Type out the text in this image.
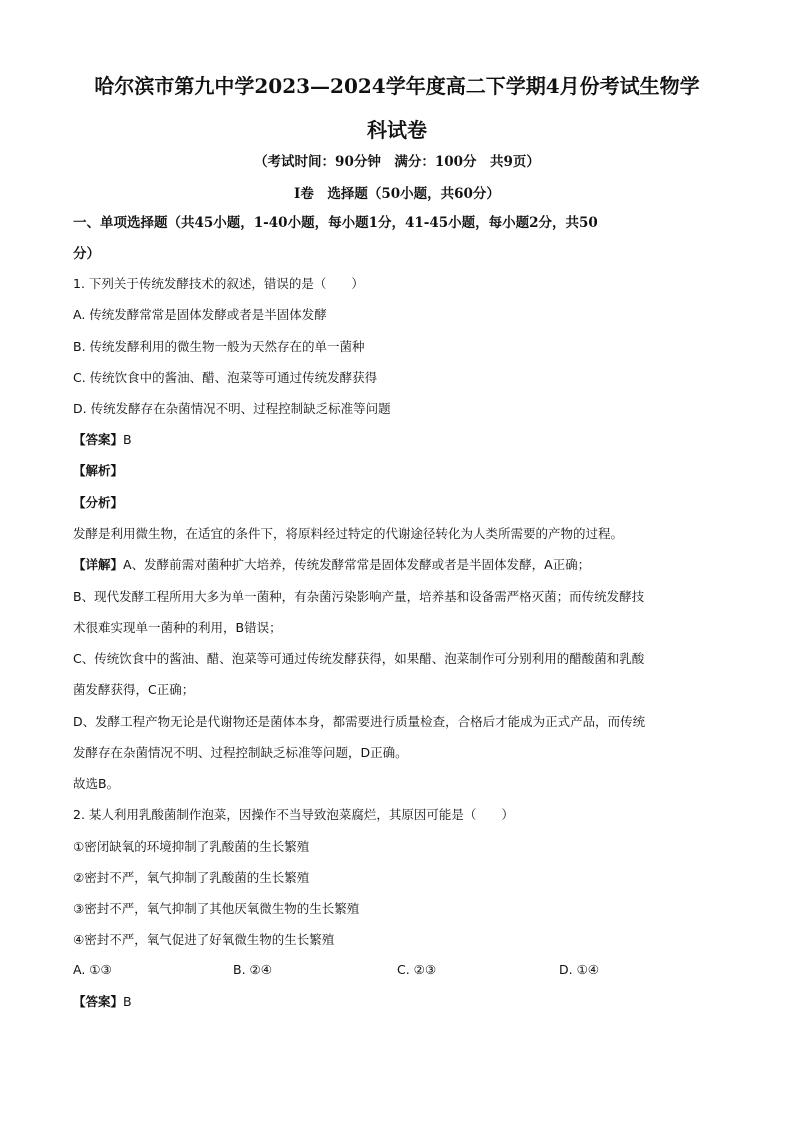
哈尔滨市第九中学2023—2024学年度高二下学期4月份考试生物学
科试卷
（考试时间：90分钟　满分：100分　共9页）
I卷　选择题（50小题，共60分）
一、单项选择题（共45小题，1-40小题，每小题1分，41-45小题，每小题2分，共50
分）
1. 下列关于传统发酵技术的叙述，错误的是（　　）
A. 传统发酵常常是固体发酵或者是半固体发酵
B. 传统发酵利用的微生物一般为天然存在的单一菌种
C. 传统饮食中的酱油、醋、泡菜等可通过传统发酵获得
D. 传统发酵存在杂菌情况不明、过程控制缺乏标准等问题
【答案】B
【解析】
【分析】
发酵是利用微生物，在适宜的条件下，将原料经过特定的代谢途径转化为人类所需要的产物的过程。
【详解】A、发酵前需对菌种扩大培养，传统发酵常常是固体发酵或者是半固体发酵，A正确；
B、现代发酵工程所用大多为单一菌种，有杂菌污染影响产量，培养基和设备需严格灭菌；而传统发酵技
术很难实现单一菌种的利用，B错误；
C、传统饮食中的酱油、醋、泡菜等可通过传统发酵获得，如果醋、泡菜制作可分别利用的醋酸菌和乳酸
菌发酵获得，C正确；
D、发酵工程产物无论是代谢物还是菌体本身，都需要进行质量检查，合格后才能成为正式产品，而传统
发酵存在杂菌情况不明、过程控制缺乏标准等问题，D正确。
故选B。
2. 某人利用乳酸菌制作泡菜，因操作不当导致泡菜腐烂，其原因可能是（　　）
①密闭缺氧的环境抑制了乳酸菌的生长繁殖
②密封不严，氧气抑制了乳酸菌的生长繁殖
③密封不严，氧气抑制了其他厌氧微生物的生长繁殖
④密封不严，氧气促进了好氧微生物的生长繁殖
A. ①③	B. ②④	C. ②③	D. ①④
【答案】B
